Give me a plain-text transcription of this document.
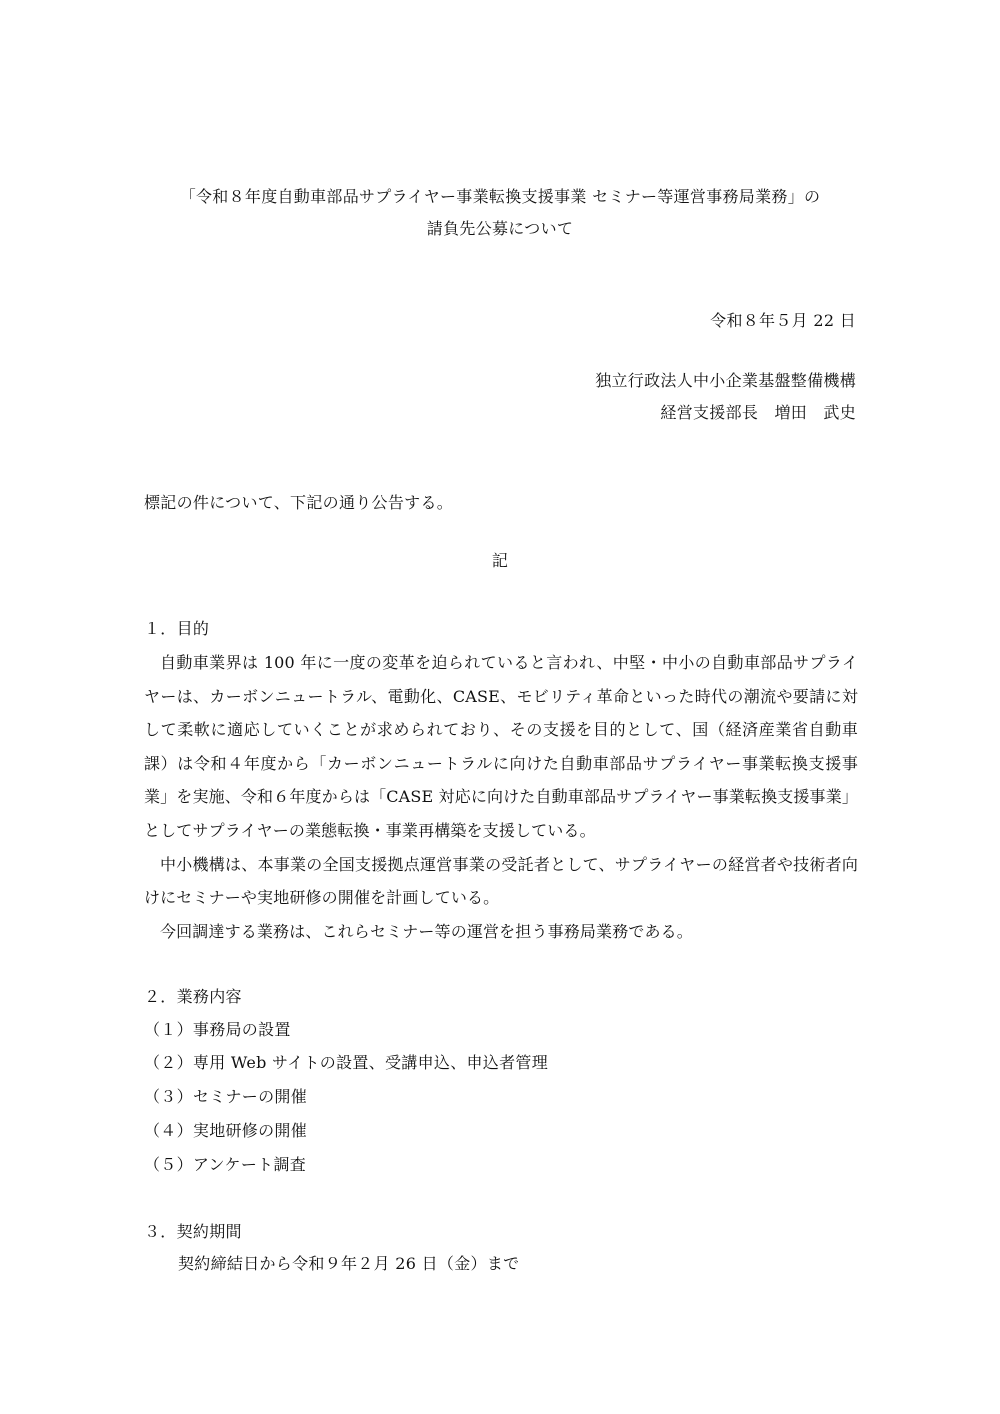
「令和８年度自動車部品サプライヤー事業転換支援事業 セミナー等運営事務局業務」の
請負先公募について
令和８年５月 22 日
独立行政法人中小企業基盤整備機構
経営支援部長　増田　武史
標記の件について、下記の通り公告する。
記
１．目的

自動車業界は 100 年に一度の変革を迫られていると言われ、中堅・中小の自動車部品サプライヤーは、カーボンニュートラル、電動化、CASE、モビリティ革命といった時代の潮流や要請に対して柔軟に適応していくことが求められており、その支援を目的として、国（経済産業省自動車課）は令和４年度から「カーボンニュートラルに向けた自動車部品サプライヤー事業転換支援事業」を実施、令和６年度からは「CASE 対応に向けた自動車部品サプライヤー事業転換支援事業」としてサプライヤーの業態転換・事業再構築を支援している。

中小機構は、本事業の全国支援拠点運営事業の受託者として、サプライヤーの経営者や技術者向けにセミナーや実地研修の開催を計画している。

今回調達する業務は、これらセミナー等の運営を担う事務局業務である。

２．業務内容
（１）事務局の設置
（２）専用 Web サイトの設置、受講申込、申込者管理
（３）セミナーの開催
（４）実地研修の開催
（５）アンケート調査
３．契約期間
契約締結日から令和９年２月 26 日（金）まで
